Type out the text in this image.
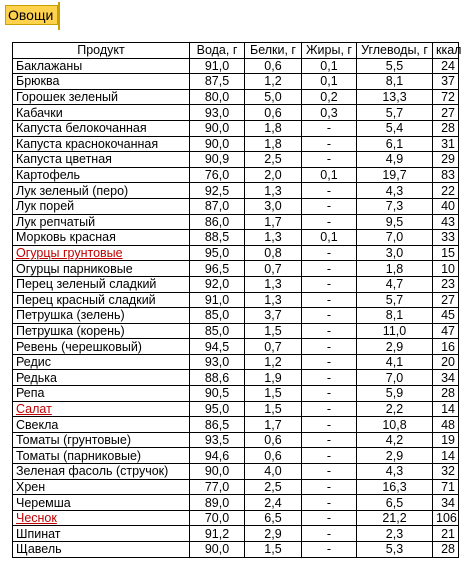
Овощи
Продукт	Вода, г	Белки, г	Жиры, г	Углеводы, г	ккал
Баклажаны	91,0	0,6	0,1	5,5	24
Брюква	87,5	1,2	0,1	8,1	37
Горошек зеленый	80,0	5,0	0,2	13,3	72
Кабачки	93,0	0,6	0,3	5,7	27
Капуста белокочанная	90,0	1,8	-	5,4	28
Капуста краснокочанная	90,0	1,8	-	6,1	31
Капуста цветная	90,9	2,5	-	4,9	29
Картофель	76,0	2,0	0,1	19,7	83
Лук зеленый (перо)	92,5	1,3	-	4,3	22
Лук порей	87,0	3,0	-	7,3	40
Лук репчатый	86,0	1,7	-	9,5	43
Морковь красная	88,5	1,3	0,1	7,0	33
Огурцы грунтовые	95,0	0,8	-	3,0	15
Огурцы парниковые	96,5	0,7	-	1,8	10
Перец зеленый сладкий	92,0	1,3	-	4,7	23
Перец красный сладкий	91,0	1,3	-	5,7	27
Петрушка (зелень)	85,0	3,7	-	8,1	45
Петрушка (корень)	85,0	1,5	-	11,0	47
Ревень (черешковый)	94,5	0,7	-	2,9	16
Редис	93,0	1,2	-	4,1	20
Редька	88,6	1,9	-	7,0	34
Репа	90,5	1,5	-	5,9	28
Салат	95,0	1,5	-	2,2	14
Свекла	86,5	1,7	-	10,8	48
Томаты (грунтовые)	93,5	0,6	-	4,2	19
Томаты (парниковые)	94,6	0,6	-	2,9	14
Зеленая фасоль (стручок)	90,0	4,0	-	4,3	32
Хрен	77,0	2,5	-	16,3	71
Черемша	89,0	2,4	-	6,5	34
Чеснок	70,0	6,5	-	21,2	106
Шпинат	91,2	2,9	-	2,3	21
Щавель	90,0	1,5	-	5,3	28
